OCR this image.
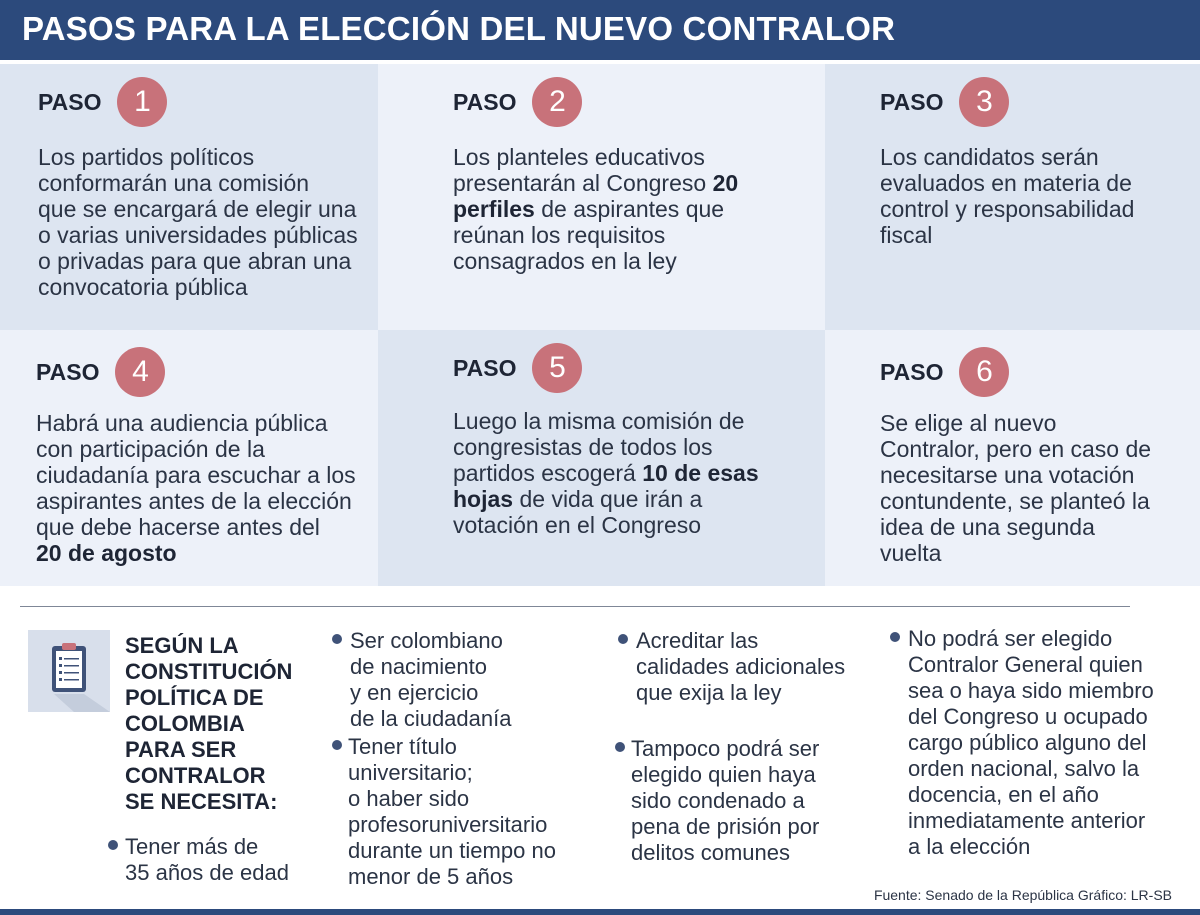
PASOS PARA LA ELECCIÓN DEL NUEVO CONTRALOR
PASO	1
Los partidos políticos
conformarán una comisión
que se encargará de elegir una
o varias universidades públicas
o privadas para que abran una
convocatoria pública
PASO	2
Los planteles educativos
presentarán al Congreso 20
perfiles de aspirantes que
reúnan los requisitos
consagrados en la ley
PASO	3
Los candidatos serán
evaluados en materia de
control y responsabilidad
fiscal
PASO	4
Habrá una audiencia pública
con participación de la
ciudadanía para escuchar a los
aspirantes antes de la elección
que debe hacerse antes del
20 de agosto
PASO	5
Luego la misma comisión de
congresistas de todos los
partidos escogerá 10 de esas
hojas de vida que irán a
votación en el Congreso
PASO	6
Se elige al nuevo
Contralor, pero en caso de
necesitarse una votación
contundente, se planteó la
idea de una segunda
vuelta
SEGÚN LA
CONSTITUCIÓN
POLÍTICA DE
COLOMBIA
PARA SER
CONTRALOR
SE NECESITA:
Tener más de
35 años de edad
Ser colombiano
de nacimiento
y en ejercicio
de la ciudadanía
Tener título
universitario;
o haber sido
profesoruniversitario
durante un tiempo no
menor de 5 años
Acreditar las
calidades adicionales
que exija la ley
Tampoco podrá ser
elegido quien haya
sido condenado a
pena de prisión por
delitos comunes
No podrá ser elegido
Contralor General quien
sea o haya sido miembro
del Congreso u ocupado
cargo público alguno del
orden nacional, salvo la
docencia, en el año
inmediatamente anterior
a la elección
Fuente: Senado de la República Gráfico: LR-SB
